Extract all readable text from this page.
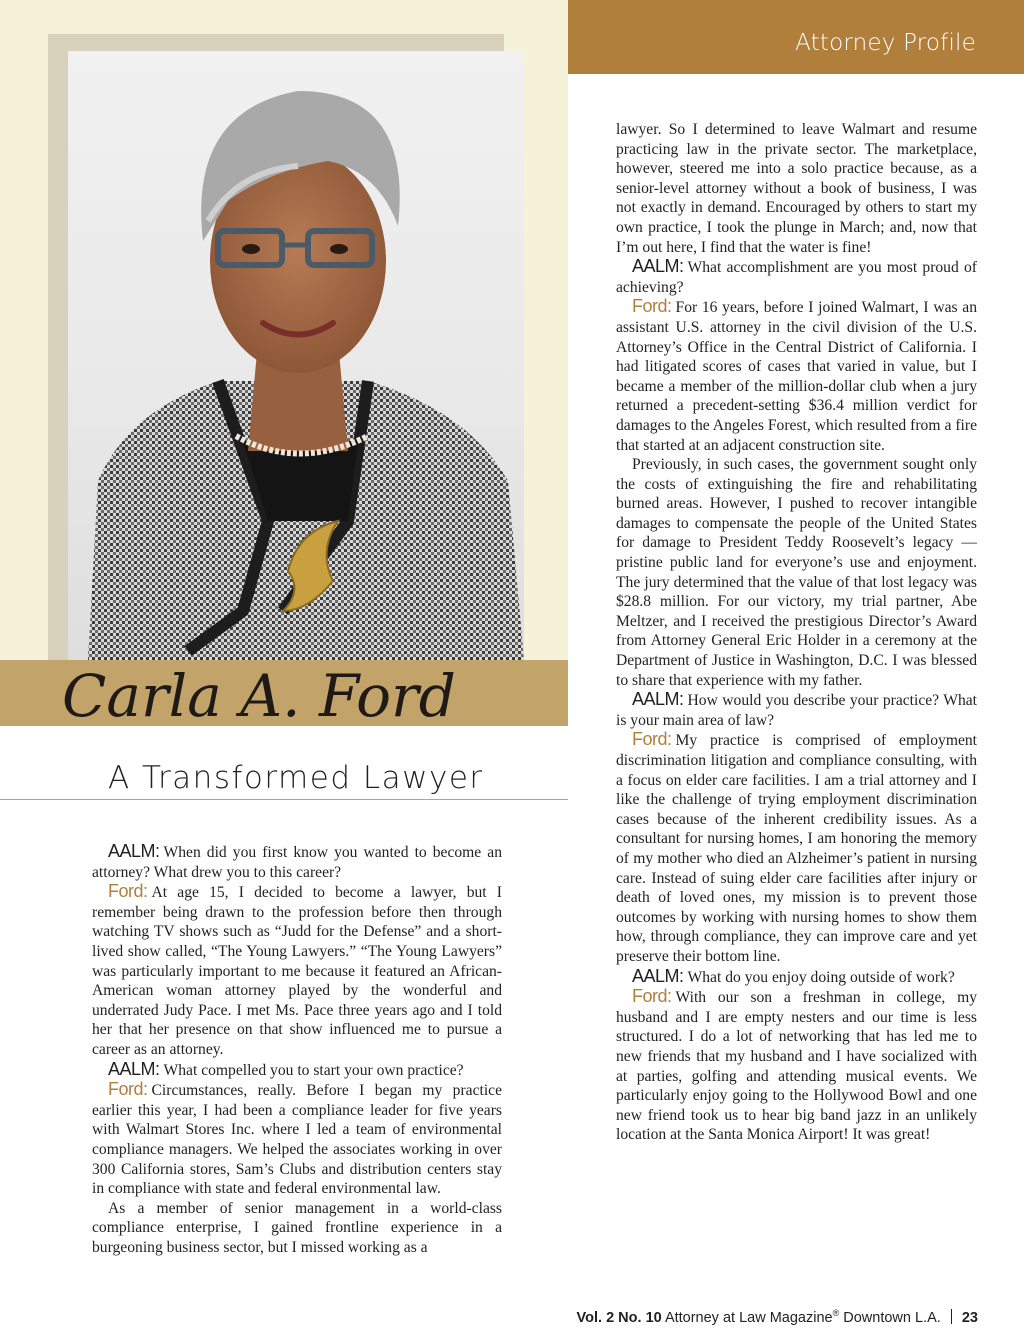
Attorney Profile
Carla A. Ford
A Transformed Lawyer

AALM: When did you first know you wanted to become an attorney? What drew you to this career?

Ford: At age 15, I decided to become a lawyer, but I remember being drawn to the profession before then through watching TV shows such as “Judd for the Defense” and a short-lived show called, “The Young Lawyers.” “The Young Lawyers” was particularly important to me because it featured an African-American woman attorney played by the wonderful and underrated Judy Pace. I met Ms. Pace three years ago and I told her that her presence on that show influenced me to pursue a career as an attorney.

AALM: What compelled you to start your own practice?

Ford: Circumstances, really. Before I began my practice earlier this year, I had been a compliance leader for five years with Walmart Stores Inc. where I led a team of environmental compliance managers. We helped the associates working in over 300 California stores, Sam’s Clubs and distribution centers stay in compliance with state and federal environmental law.

As a member of senior management in a world-class compliance enterprise, I gained frontline experience in a burgeoning business sector, but I missed working as a

lawyer. So I determined to leave Walmart and resume practicing law in the private sector. The marketplace, however, steered me into a solo practice because, as a senior-level attorney without a book of business, I was not exactly in demand. Encouraged by others to start my own practice, I took the plunge in March; and, now that I’m out here, I find that the water is fine!

AALM: What accomplishment are you most proud of achieving?

Ford: For 16 years, before I joined Walmart, I was an assistant U.S. attorney in the civil division of the U.S. Attorney’s Office in the Central District of California. I had litigated scores of cases that varied in value, but I became a member of the million-dollar club when a jury returned a precedent-setting $36.4 million verdict for damages to the Angeles Forest, which resulted from a fire that started at an adjacent construction site.

Previously, in such cases, the government sought only the costs of extinguishing the fire and rehabilitating burned areas. However, I pushed to recover intangible damages to compensate the people of the United States for damage to President Teddy Roosevelt’s legacy — pristine public land for everyone’s use and enjoyment. The jury determined that the value of that lost legacy was $28.8 million. For our victory, my trial partner, Abe Meltzer, and I received the prestigious Director’s Award from Attorney General Eric Holder in a ceremony at the Department of Justice in Washington, D.C. I was blessed to share that experience with my father.

AALM: How would you describe your practice? What is your main area of law?

Ford: My practice is comprised of employment discrimination litigation and compliance consulting, with a focus on elder care facilities. I am a trial attorney and I like the challenge of trying employment discrimination cases because of the inherent credibility issues. As a consultant for nursing homes, I am honoring the memory of my mother who died an Alzheimer’s patient in nursing care. Instead of suing elder care facilities after injury or death of loved ones, my mission is to prevent those outcomes by working with nursing homes to show them how, through compliance, they can improve care and yet preserve their bottom line.

AALM: What do you enjoy doing outside of work?

Ford: With our son a freshman in college, my husband and I are empty nesters and our time is less structured. I do a lot of networking that has led me to new friends that my husband and I have socialized with at parties, golfing and attending musical events. We particularly enjoy going to the Hollywood Bowl and one new friend took us to hear big band jazz in an unlikely location at the Santa Monica Airport! It was great!

Vol. 2 No. 10 Attorney at Law Magazine® Downtown L.A. 23
